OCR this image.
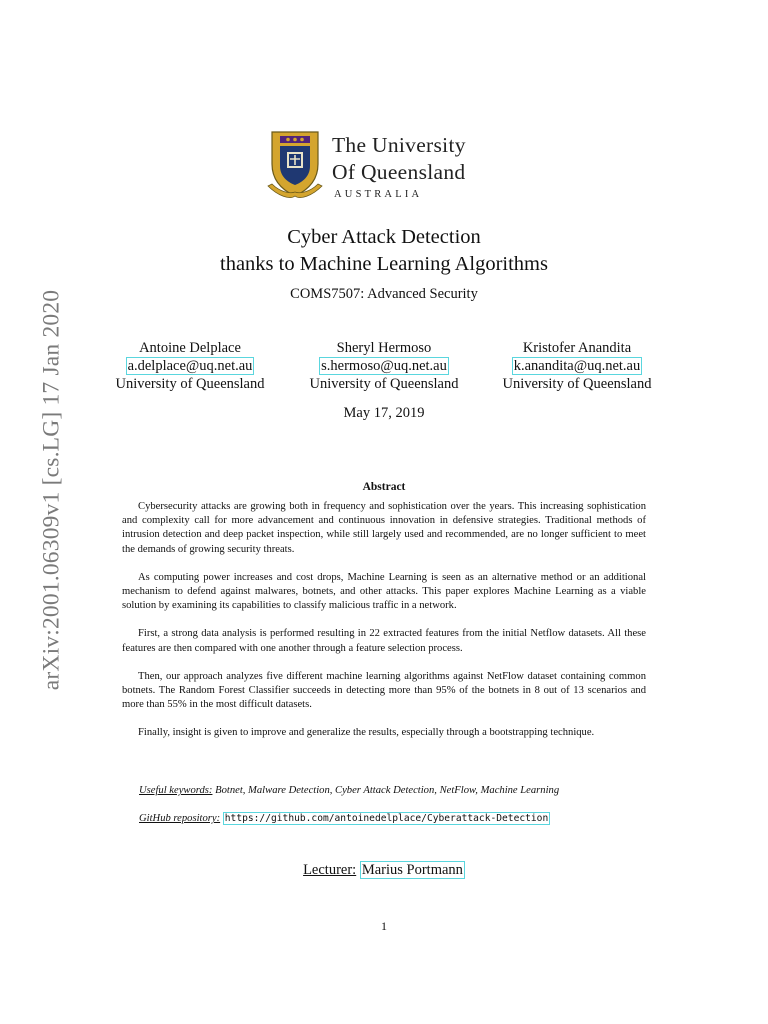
arXiv:2001.06309v1 [cs.LG] 17 Jan 2020
The University
Of Queensland
AUSTRALIA
Cyber Attack Detection
thanks to Machine Learning Algorithms
COMS7507: Advanced Security
Antoine Delplace
a.delplace@uq.net.au
University of Queensland
Sheryl Hermoso
s.hermoso@uq.net.au
University of Queensland
Kristofer Anandita
k.anandita@uq.net.au
University of Queensland
May 17, 2019
Abstract

Cybersecurity attacks are growing both in frequency and sophistication over the years. This increasing sophistication and complexity call for more advancement and continuous innovation in defensive strategies. Traditional methods of intrusion detection and deep packet inspection, while still largely used and recommended, are no longer sufficient to meet the demands of growing security threats.

As computing power increases and cost drops, Machine Learning is seen as an alternative method or an additional mechanism to defend against malwares, botnets, and other attacks. This paper explores Machine Learning as a viable solution by examining its capabilities to classify malicious traffic in a network.

First, a strong data analysis is performed resulting in 22 extracted features from the initial Netflow datasets. All these features are then compared with one another through a feature selection process.

Then, our approach analyzes five different machine learning algorithms against NetFlow dataset containing common botnets. The Random Forest Classifier succeeds in detecting more than 95% of the botnets in 8 out of 13 scenarios and more than 55% in the most difficult datasets.

Finally, insight is given to improve and generalize the results, especially through a bootstrapping technique.

Useful keywords: Botnet, Malware Detection, Cyber Attack Detection, NetFlow, Machine Learning
GitHub repository: https://github.com/antoinedelplace/Cyberattack-Detection
Lecturer: Marius Portmann
1
